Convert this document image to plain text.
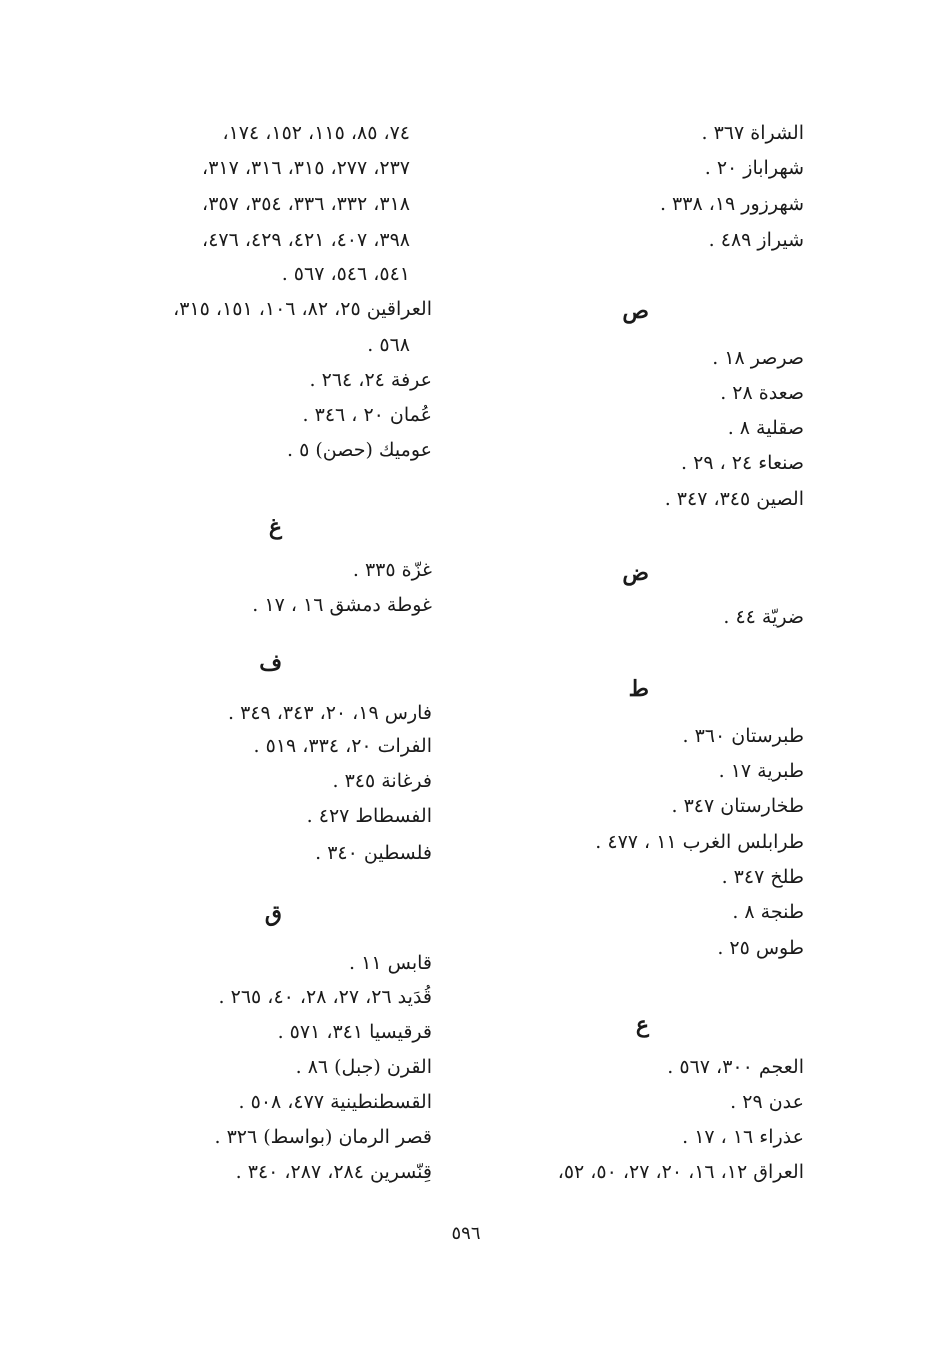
الشراة ٣٦٧ .
شهراباز ٢٠ .
شهرزور ١٩، ٣٣٨ .
شيراز ٤٨٩ .
ص
صرصر ١٨ .
صعدة ٢٨ .
صقلية ٨ .
صنعاء ٢٤ ، ٢٩ .
الصين ٣٤٥، ٣٤٧ .
ض
ضريّة ٤٤ .
ط
طبرستان ٣٦٠ .
طبرية ١٧ .
طخارستان ٣٤٧ .
طرابلس الغرب ١١ ، ٤٧٧ .
طلخ ٣٤٧ .
طنجة ٨ .
طوس ٢٥ .
ع
العجم ٣٠٠، ٥٦٧ .
عدن ٢٩ .
عذراء ١٦ ، ١٧ .
العراق ١٢، ١٦، ٢٠، ٢٧، ٥٠، ٥٢،
٧٤، ٨٥، ١١٥، ١٥٢، ١٧٤،
٢٣٧، ٢٧٧، ٣١٥، ٣١٦، ٣١٧،
٣١٨، ٣٣٢، ٣٣٦، ٣٥٤، ٣٥٧،
٣٩٨، ٤٠٧، ٤٢١، ٤٢٩، ٤٧٦،
٥٤١، ٥٤٦، ٥٦٧ .
العراقين ٢٥، ٨٢، ١٠٦، ١٥١، ٣١٥،
٥٦٨ .
عرفة ٢٤، ٢٦٤ .
عُمان ٢٠ ، ٣٤٦ .
عوميك (حصن) ٥ .
غ
غزّة ٣٣٥ .
غوطة دمشق ١٦ ، ١٧ .
ف
فارس ١٩، ٢٠، ٣٤٣، ٣٤٩ .
الفرات ٢٠، ٣٣٤، ٥١٩ .
فرغانة ٣٤٥ .
الفسطاط ٤٢٧ .
فلسطين ٣٤٠ .
ق
قابس ١١ .
قُدَيد ٢٦، ٢٧، ٢٨، ٤٠، ٢٦٥ .
قرقيسيا ٣٤١، ٥٧١ .
القرن (جبل) ٨٦ .
القسطنطينية ٤٧٧، ٥٠٨ .
قصر الرمان (بواسط) ٣٢٦ .
قِنّسرين ٢٨٤، ٢٨٧، ٣٤٠ .
٥٩٦
